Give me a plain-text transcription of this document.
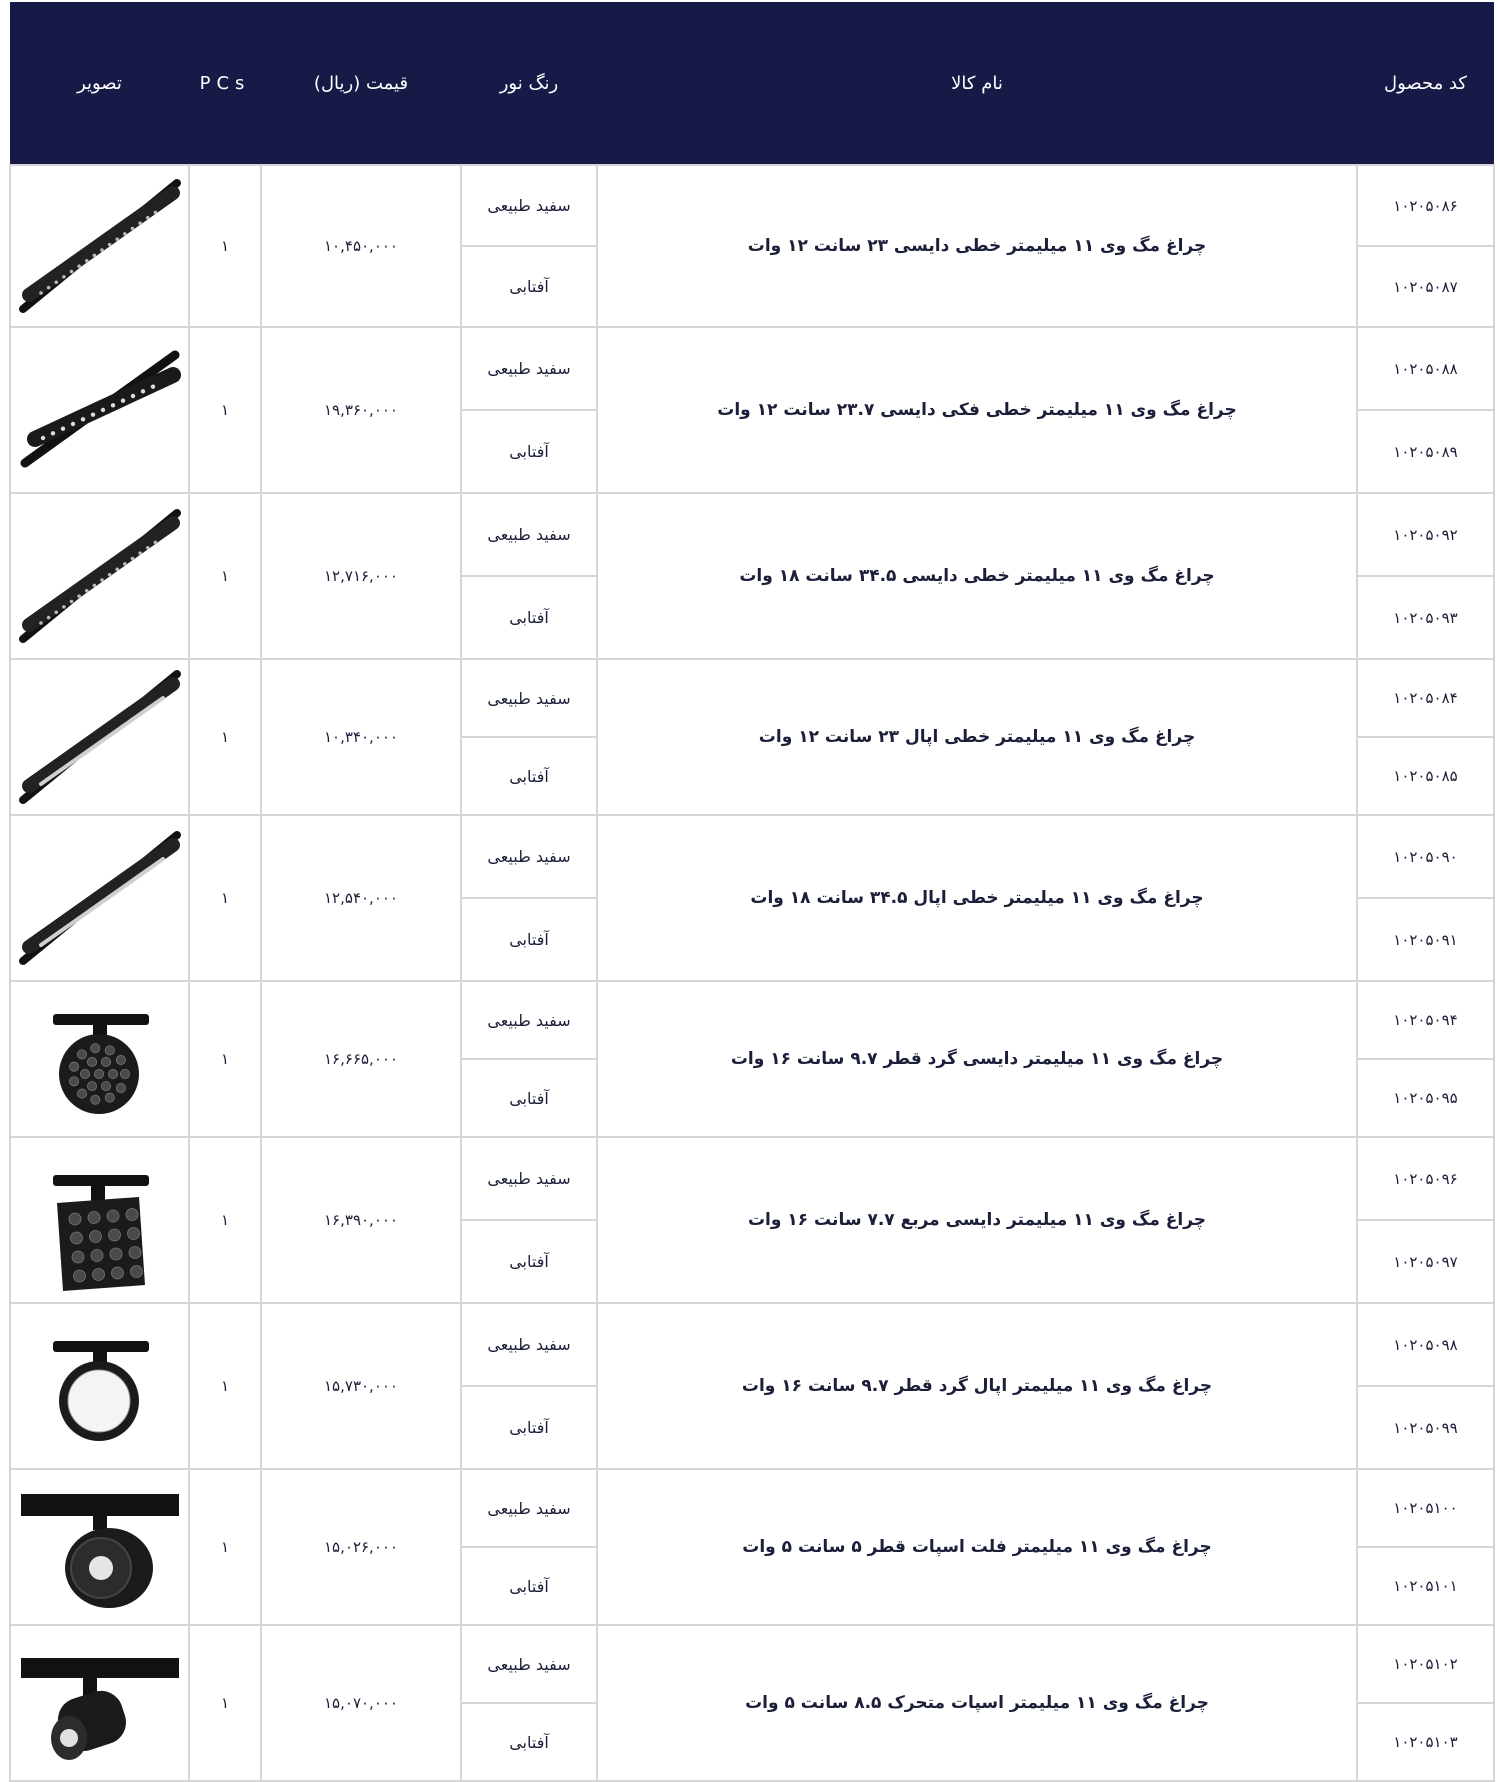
کد محصول	نام کالا	رنگ نور	قیمت (ریال)	PCs	تصویر
۱۰۲۰۵۰۸۶	چراغ مگ وی ۱۱ میلیمتر خطی دایسی ۲۳ سانت ۱۲ وات	سفید طبیعی	۱۰,۴۵۰,۰۰۰	۱	

۱۰۲۰۵۰۸۷		آفتابی			
۱۰۲۰۵۰۸۸	چراغ مگ وی ۱۱ میلیمتر خطی فکی دایسی ۲۳.۷ سانت ۱۲ وات	سفید طبیعی	۱۹,۳۶۰,۰۰۰	۱	

۱۰۲۰۵۰۸۹		آفتابی			
۱۰۲۰۵۰۹۲	چراغ مگ وی ۱۱ میلیمتر خطی دایسی ۳۴.۵ سانت ۱۸ وات	سفید طبیعی	۱۲,۷۱۶,۰۰۰	۱	

۱۰۲۰۵۰۹۳		آفتابی			
۱۰۲۰۵۰۸۴	چراغ مگ وی ۱۱ میلیمتر خطی اپال ۲۳ سانت ۱۲ وات	سفید طبیعی	۱۰,۳۴۰,۰۰۰	۱	

۱۰۲۰۵۰۸۵		آفتابی			
۱۰۲۰۵۰۹۰	چراغ مگ وی ۱۱ میلیمتر خطی اپال ۳۴.۵ سانت ۱۸ وات	سفید طبیعی	۱۲,۵۴۰,۰۰۰	۱	

۱۰۲۰۵۰۹۱		آفتابی			
۱۰۲۰۵۰۹۴	چراغ مگ وی ۱۱ میلیمتر دایسی گرد قطر ۹.۷ سانت ۱۶ وات	سفید طبیعی	۱۶,۶۶۵,۰۰۰	۱	

۱۰۲۰۵۰۹۵		آفتابی			
۱۰۲۰۵۰۹۶	چراغ مگ وی ۱۱ میلیمتر دایسی مربع ۷.۷ سانت ۱۶ وات	سفید طبیعی	۱۶,۳۹۰,۰۰۰	۱	

۱۰۲۰۵۰۹۷		آفتابی			
۱۰۲۰۵۰۹۸	چراغ مگ وی ۱۱ میلیمتر اپال گرد قطر ۹.۷ سانت ۱۶ وات	سفید طبیعی	۱۵,۷۳۰,۰۰۰	۱	

۱۰۲۰۵۰۹۹		آفتابی			
۱۰۲۰۵۱۰۰	چراغ مگ وی ۱۱ میلیمتر فلت اسپات قطر ۵ سانت ۵ وات	سفید طبیعی	۱۵,۰۲۶,۰۰۰	۱	

۱۰۲۰۵۱۰۱		آفتابی			
۱۰۲۰۵۱۰۲	چراغ مگ وی ۱۱ میلیمتر اسپات متحرک ۸.۵ سانت ۵ وات	سفید طبیعی	۱۵,۰۷۰,۰۰۰	۱	

۱۰۲۰۵۱۰۳		آفتابی			
